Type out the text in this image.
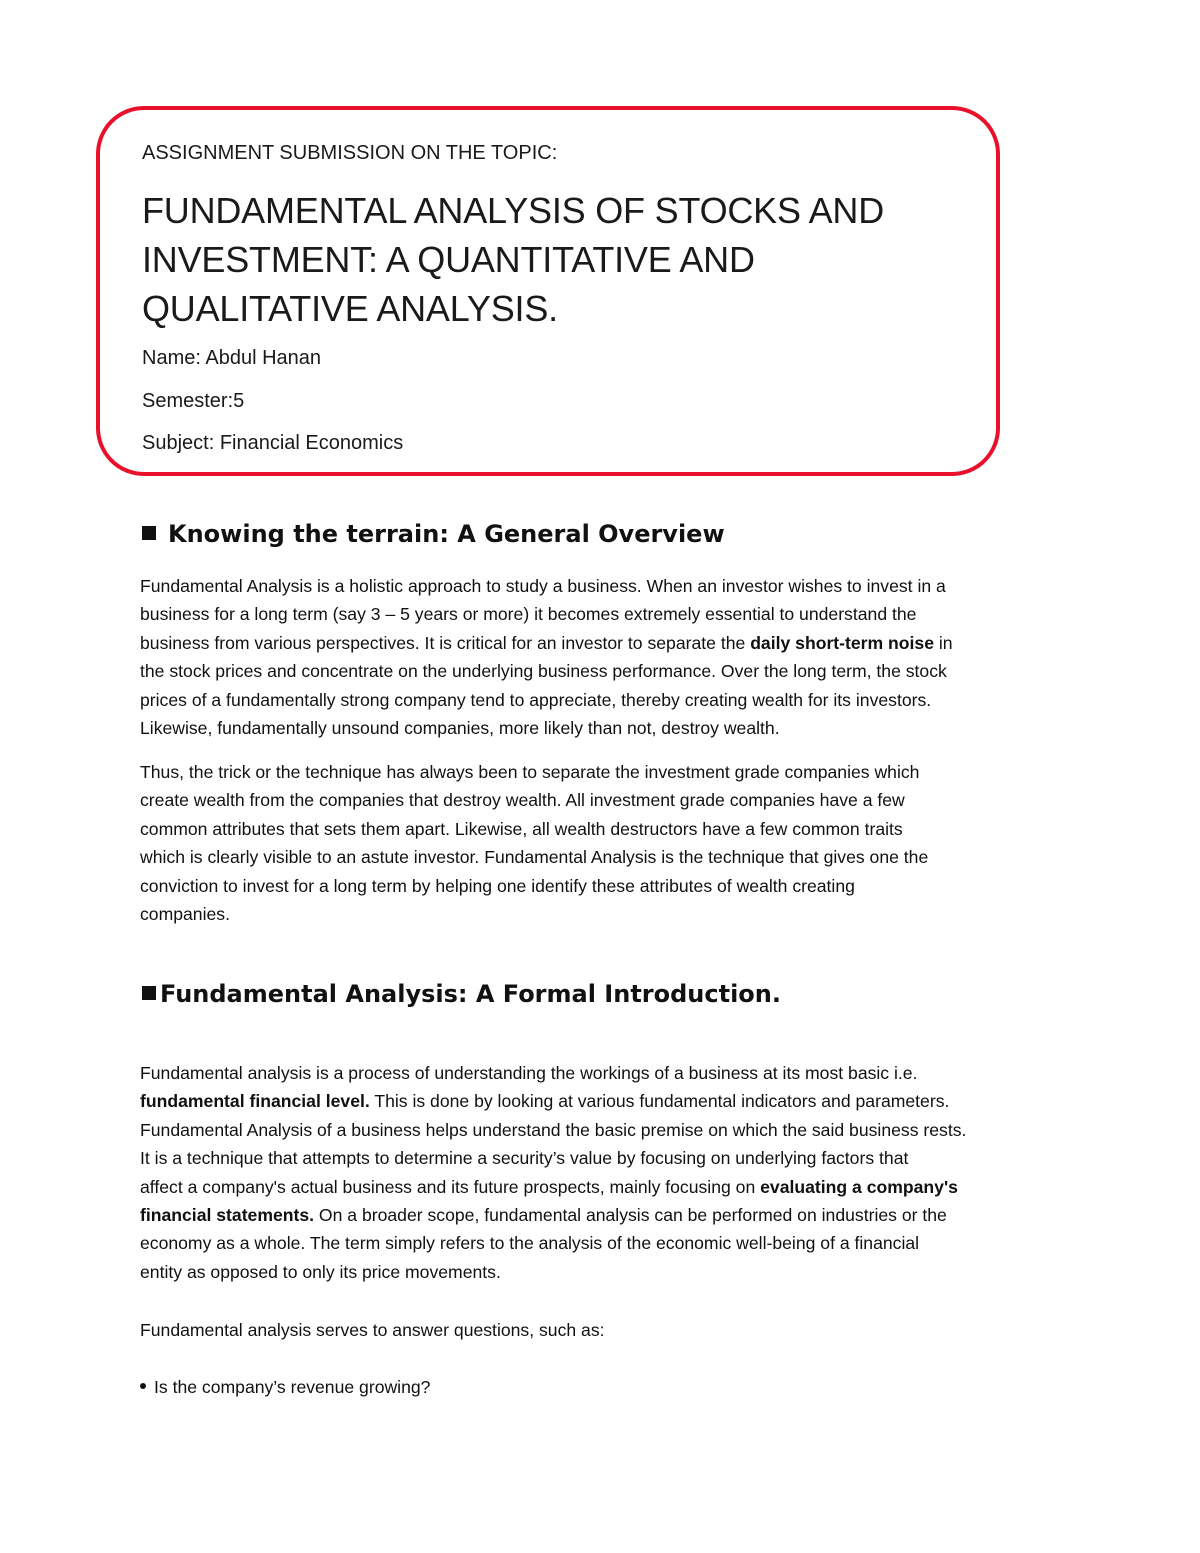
ASSIGNMENT SUBMISSION ON THE TOPIC:
FUNDAMENTAL ANALYSIS OF STOCKS AND
INVESTMENT: A QUANTITATIVE AND
QUALITATIVE ANALYSIS.
Name: Abdul Hanan
Semester:5
Subject: Financial Economics
Knowing the terrain: A General Overview
Fundamental Analysis is a holistic approach to study a business. When an investor wishes to invest in a
business for a long term (say 3 – 5 years or more) it becomes extremely essential to understand the
business from various perspectives. It is critical for an investor to separate the daily short-term noise in
the stock prices and concentrate on the underlying business performance. Over the long term, the stock
prices of a fundamentally strong company tend to appreciate, thereby creating wealth for its investors.
Likewise, fundamentally unsound companies, more likely than not, destroy wealth.
Thus, the trick or the technique has always been to separate the investment grade companies which
create wealth from the companies that destroy wealth. All investment grade companies have a few
common attributes that sets them apart. Likewise, all wealth destructors have a few common traits
which is clearly visible to an astute investor. Fundamental Analysis is the technique that gives one the
conviction to invest for a long term by helping one identify these attributes of wealth creating
companies.
Fundamental Analysis: A Formal Introduction.
Fundamental analysis is a process of understanding the workings of a business at its most basic i.e.
fundamental financial level. This is done by looking at various fundamental indicators and parameters.
Fundamental Analysis of a business helps understand the basic premise on which the said business rests.
It is a technique that attempts to determine a security’s value by focusing on underlying factors that
affect a company's actual business and its future prospects, mainly focusing on evaluating a company's
financial statements. On a broader scope, fundamental analysis can be performed on industries or the
economy as a whole. The term simply refers to the analysis of the economic well-being of a financial
entity as opposed to only its price movements.
Fundamental analysis serves to answer questions, such as:
Is the company’s revenue growing?
